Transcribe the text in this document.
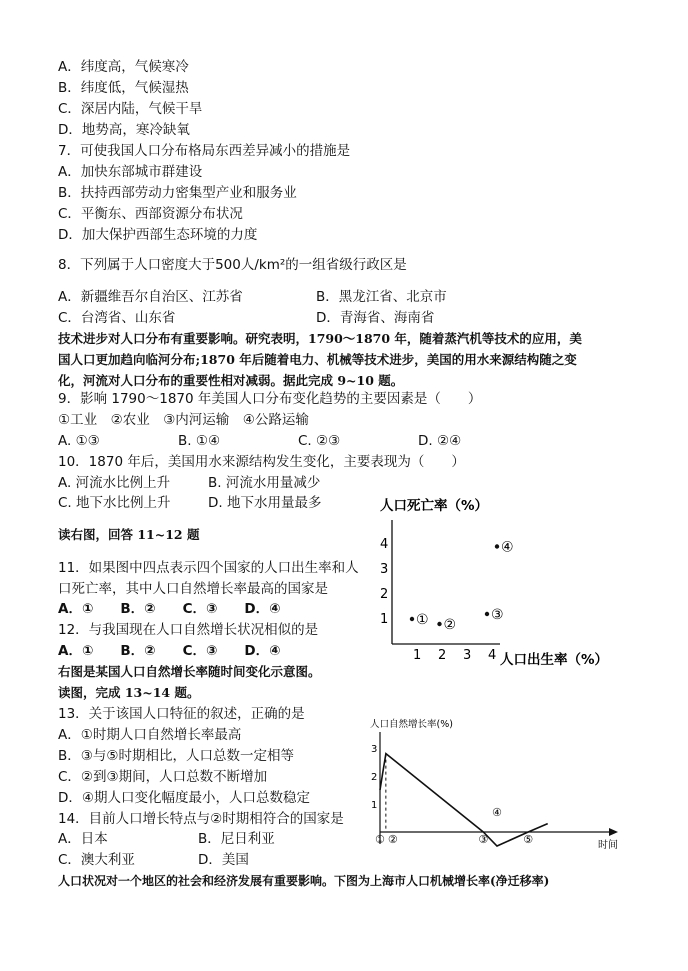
A．纬度高，气候寒冷
B．纬度低，气候湿热
C．深居内陆，气候干旱
D．地势高，寒冷缺氧
7．可使我国人口分布格局东西差异减小的措施是
A．加快东部城市群建设
B．扶持西部劳动力密集型产业和服务业
C．平衡东、西部资源分布状况
D．加大保护西部生态环境的力度
8．下列属于人口密度大于500人/km²的一组省级行政区是
A．新疆维吾尔自治区、江苏省	B．黑龙江省、北京市
C．台湾省、山东省	D．青海省、海南省
技术进步对人口分布有重要影响。研究表明，1790～1870 年，随着蒸汽机等技术的应用，美
国人口更加趋向临河分布;1870 年后随着电力、机械等技术进步，美国的用水来源结构随之变
化，河流对人口分布的重要性相对减弱。据此完成 9~10 题。
9．影响 1790～1870 年美国人口分布变化趋势的主要因素是（　　）
①工业　②农业　③内河运输　④公路运输
A. ①③	B. ①④	C. ②③	D. ②④
10．1870 年后，美国用水来源结构发生变化，主要表现为（　　）
A. 河流水比例上升	B. 河流水用量减少
C. 地下水比例上升	D. 地下水用量最多
读右图，回答 11~12 题
11．如果图中四点表示四个国家的人口出生率和人
口死亡率，其中人口自然增长率最高的国家是
A．①　　B．②　　C．③　　D．④
12．与我国现在人口自然增长状况相似的是
A．①　　B．②　　C．③　　D．④
右图是某国人口自然增长率随时间变化示意图。
读图，完成 13~14 题。
13．关于该国人口特征的叙述，正确的是
A．①时期人口自然增长率最高
B．③与⑤时期相比，人口总数一定相等
C．②到③期间，人口总数不断增加
D．④期人口变化幅度最小，人口总数稳定
14．目前人口增长特点与②时期相符合的国家是
A．日本	B．尼日利亚
C．澳大利亚	D．美国
人口状况对一个地区的社会和经济发展有重要影响。下图为上海市人口机械增长率(净迁移率)
人口死亡率（%）
人口出生率（%）
1
2
3
4
1 2 3 4
① ②
③
④
人口自然增长率(%)
时间
1
2
3
① ②	③
④
⑤
